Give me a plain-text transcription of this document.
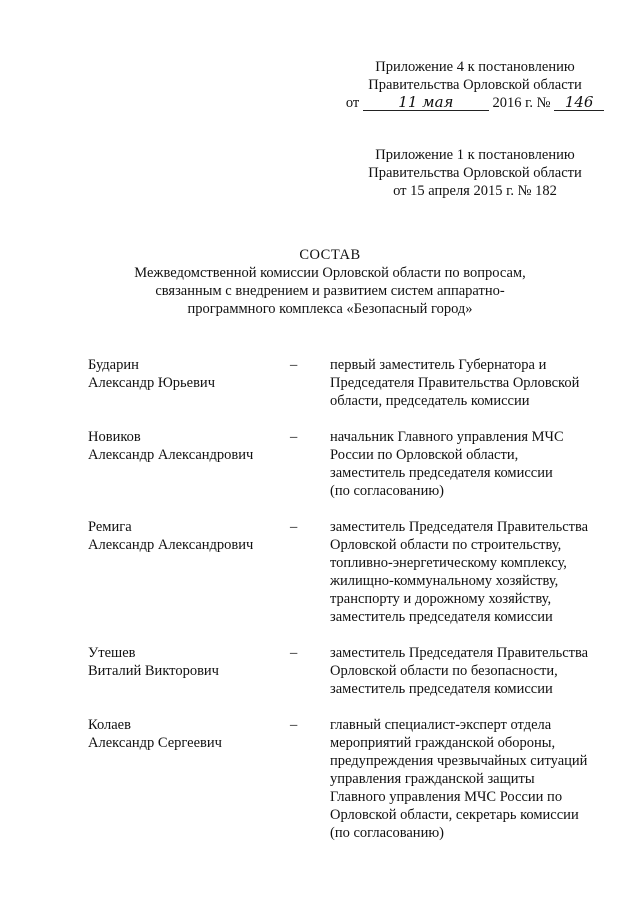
Приложение 4 к постановлению
Правительства Орловской области
от	11 мая	2016 г. № 146
Приложение 1 к постановлению
Правительства Орловской области
от 15 апреля 2015 г. № 182
СОСТАВ
Межведомственной комиссии Орловской области по вопросам,
связанным с внедрением и развитием систем аппаратно-
программного комплекса «Безопасный город»
Бударин
Александр Юрьевич
–	первый заместитель Губернатора и
Председателя Правительства Орловской
области, председатель комиссии
Новиков
Александр Александрович
–	начальник Главного управления МЧС
России по Орловской области,
заместитель председателя комиссии
(по согласованию)
Ремига
Александр Александрович
–	заместитель Председателя Правительства
Орловской области по строительству,
топливно-энергетическому комплексу,
жилищно-коммунальному хозяйству,
транспорту и дорожному хозяйству,
заместитель председателя комиссии
Утешев
Виталий Викторович
–	заместитель Председателя Правительства
Орловской области по безопасности,
заместитель председателя комиссии
Колаев
Александр Сергеевич
–	главный специалист-эксперт отдела
мероприятий гражданской обороны,
предупреждения чрезвычайных ситуаций
управления гражданской защиты
Главного управления МЧС России по
Орловской области, секретарь комиссии
(по согласованию)
